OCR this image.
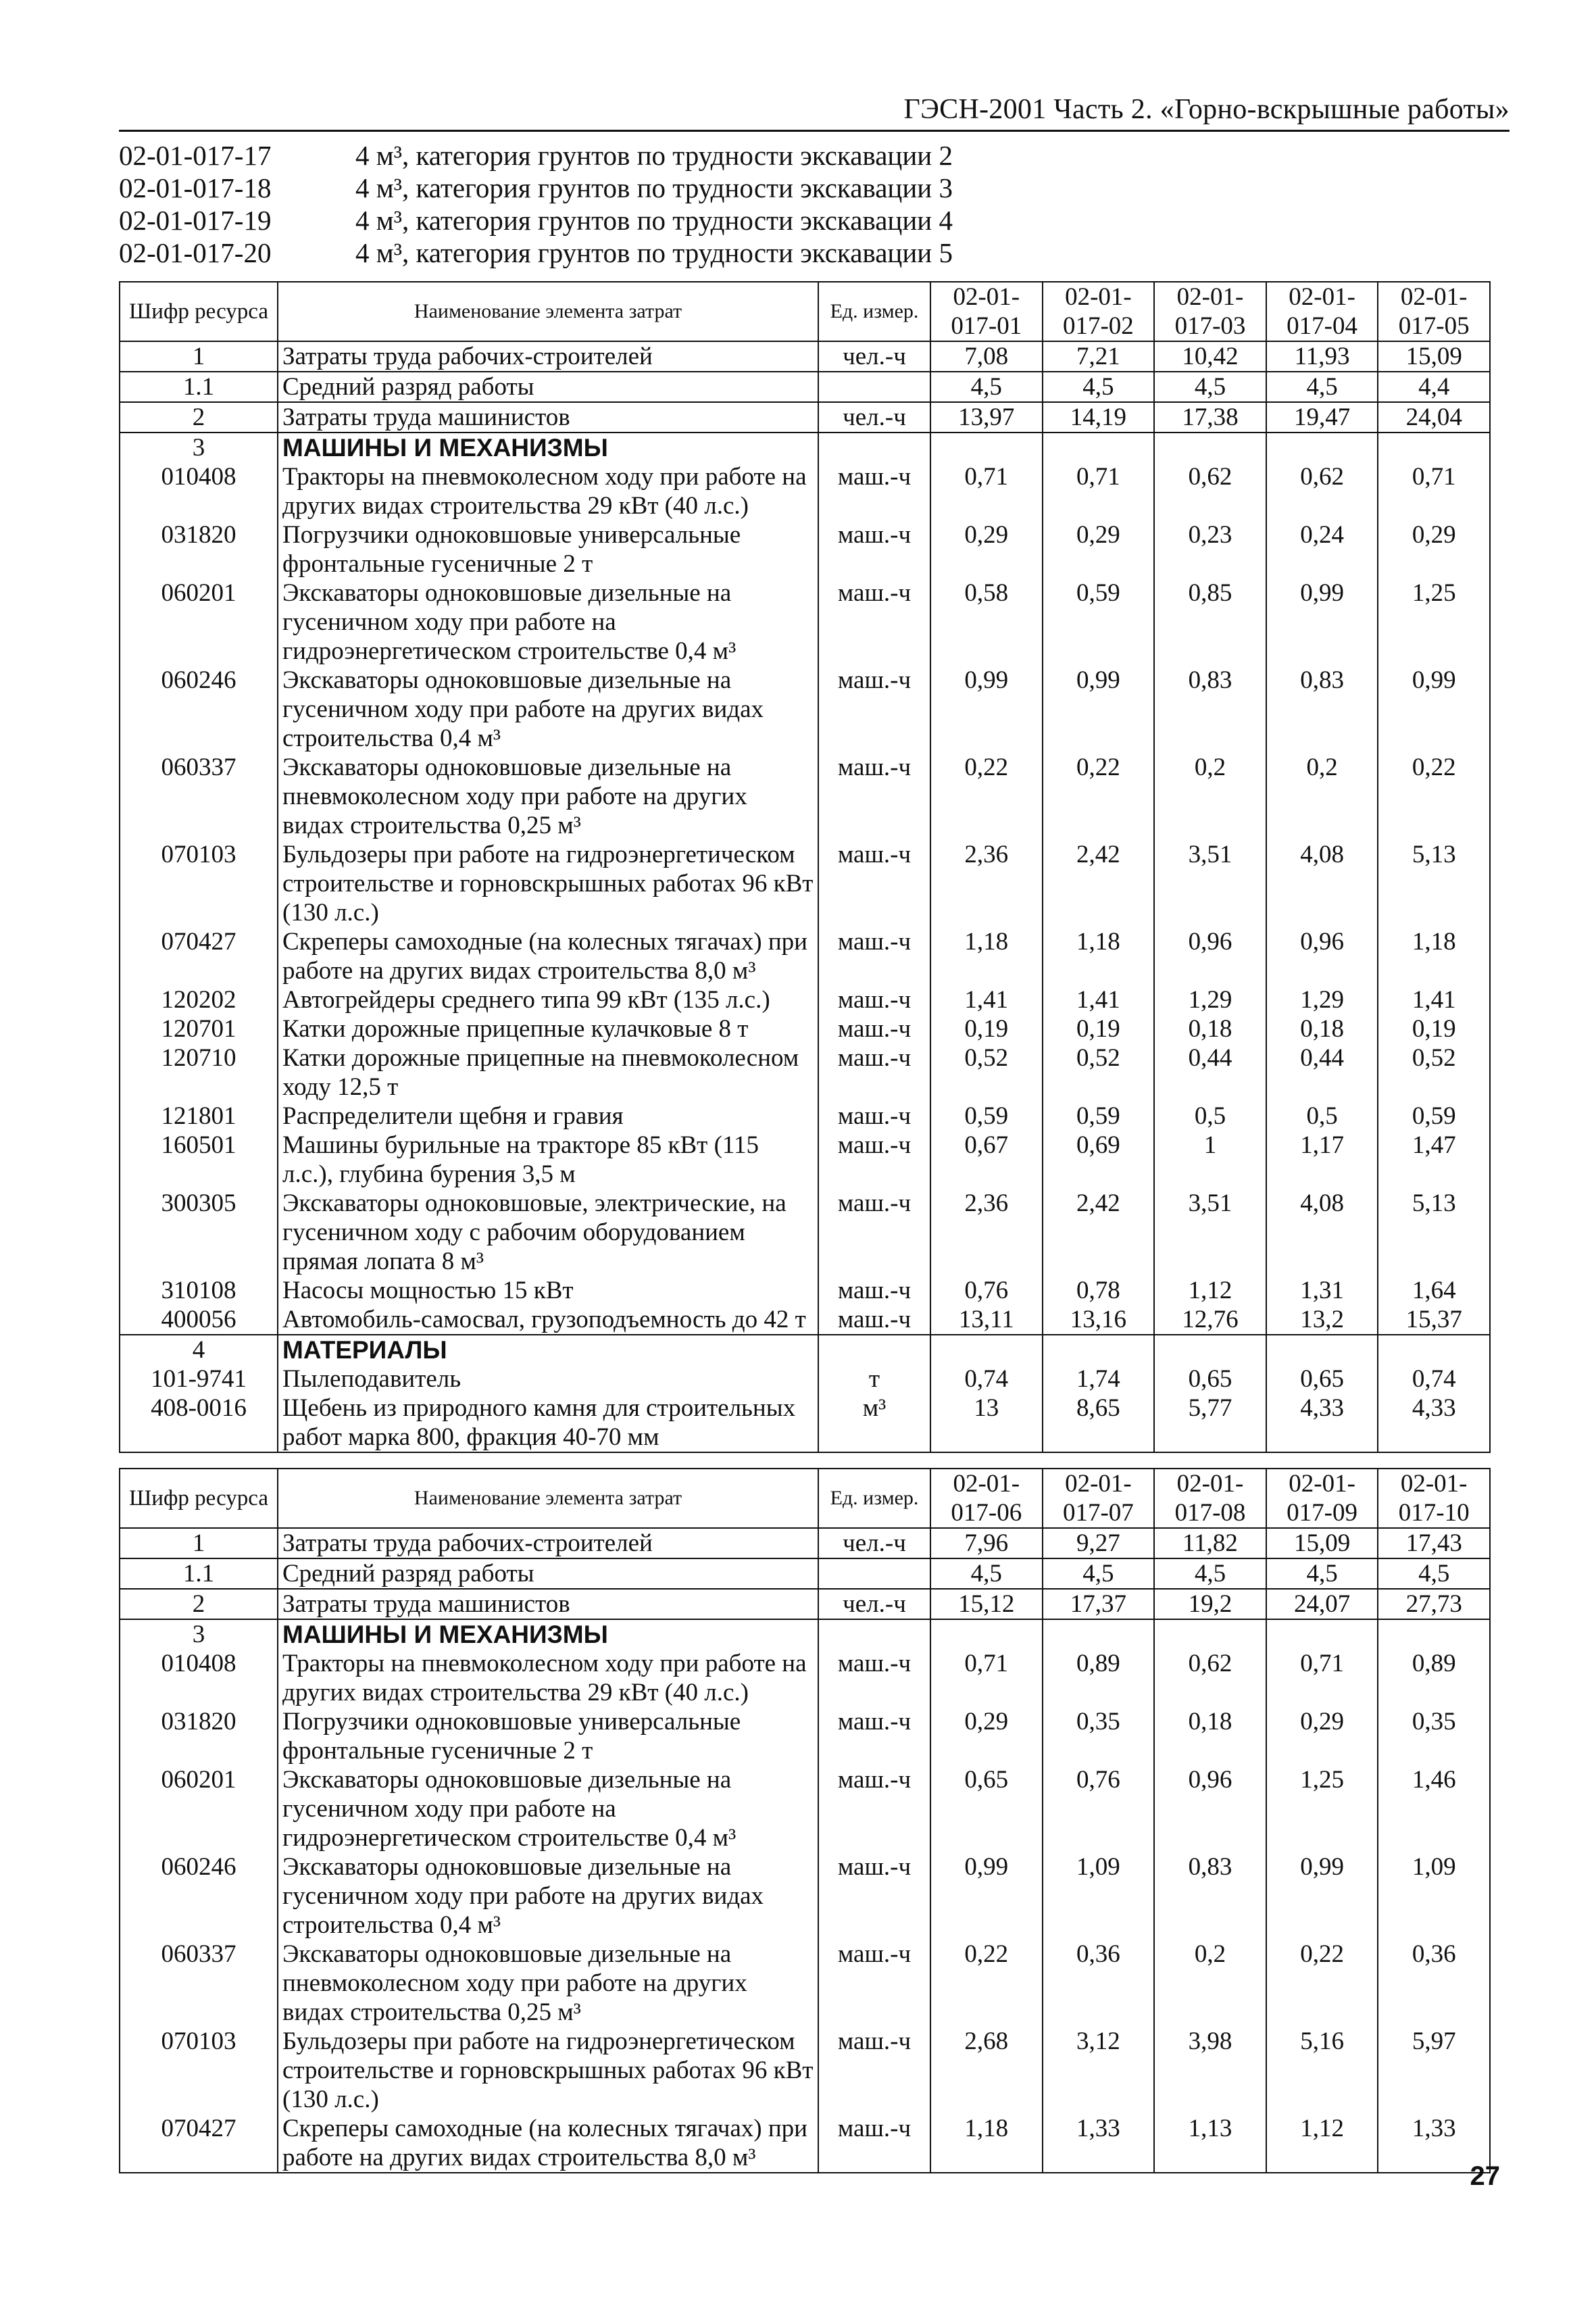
ГЭСН-2001 Часть 2. «Горно-вскрышные работы»
02-01-017-17	4 м³, категория грунтов по трудности экскавации 2
02-01-017-18	4 м³, категория грунтов по трудности экскавации 3
02-01-017-19	4 м³, категория грунтов по трудности экскавации 4
02-01-017-20	4 м³, категория грунтов по трудности экскавации 5
Шифр ресурса	Наименование элемента затрат	Ед. измер.	02-01-017-01	02-01-017-02	02-01-017-03	02-01-017-04	02-01-017-05
1	Затраты труда рабочих-строителей	чел.-ч	7,08	7,21	10,42	11,93	15,09
1.1	Средний разряд работы		4,5	4,5	4,5	4,5	4,4
2	Затраты труда машинистов	чел.-ч	13,97	14,19	17,38	19,47	24,04
3	МАШИНЫ И МЕХАНИЗМЫ						
010408	Тракторы на пневмоколесном ходу при работе на других видах строительства 29 кВт (40 л.с.)	маш.-ч	0,71	0,71	0,62	0,62	0,71
031820	Погрузчики одноковшовые универсальные фронтальные гусеничные 2 т	маш.-ч	0,29	0,29	0,23	0,24	0,29
060201	Экскаваторы одноковшовые дизельные на гусеничном ходу при работе на гидроэнергетическом строительстве 0,4 м³	маш.-ч	0,58	0,59	0,85	0,99	1,25
060246	Экскаваторы одноковшовые дизельные на гусеничном ходу при работе на других видах строительства 0,4 м³	маш.-ч	0,99	0,99	0,83	0,83	0,99
060337	Экскаваторы одноковшовые дизельные на пневмоколесном ходу при работе на других видах строительства 0,25 м³	маш.-ч	0,22	0,22	0,2	0,2	0,22
070103	Бульдозеры при работе на гидроэнергетическом строительстве и горновскрышных работах 96 кВт (130 л.с.)	маш.-ч	2,36	2,42	3,51	4,08	5,13
070427	Скреперы самоходные (на колесных тягачах) при работе на других видах строительства 8,0 м³	маш.-ч	1,18	1,18	0,96	0,96	1,18
120202	Автогрейдеры среднего типа 99 кВт (135 л.с.)	маш.-ч	1,41	1,41	1,29	1,29	1,41
120701	Катки дорожные прицепные кулачковые 8 т	маш.-ч	0,19	0,19	0,18	0,18	0,19
120710	Катки дорожные прицепные на пневмоколесном ходу 12,5 т	маш.-ч	0,52	0,52	0,44	0,44	0,52
121801	Распределители щебня и гравия	маш.-ч	0,59	0,59	0,5	0,5	0,59
160501	Машины бурильные на тракторе 85 кВт (115 л.с.), глубина бурения 3,5 м	маш.-ч	0,67	0,69	1	1,17	1,47
300305	Экскаваторы одноковшовые, электрические, на гусеничном ходу с рабочим оборудованием прямая лопата 8 м³	маш.-ч	2,36	2,42	3,51	4,08	5,13
310108	Насосы мощностью 15 кВт	маш.-ч	0,76	0,78	1,12	1,31	1,64
400056	Автомобиль-самосвал, грузоподъемность до 42 т	маш.-ч	13,11	13,16	12,76	13,2	15,37
4	МАТЕРИАЛЫ						
101-9741	Пылеподавитель	т	0,74	1,74	0,65	0,65	0,74
408-0016	Щебень из природного камня для строительных работ марка 800, фракция 40-70 мм	м³	13	8,65	5,77	4,33	4,33
Шифр ресурса	Наименование элемента затрат	Ед. измер.	02-01-017-06	02-01-017-07	02-01-017-08	02-01-017-09	02-01-017-10
1	Затраты труда рабочих-строителей	чел.-ч	7,96	9,27	11,82	15,09	17,43
1.1	Средний разряд работы		4,5	4,5	4,5	4,5	4,5
2	Затраты труда машинистов	чел.-ч	15,12	17,37	19,2	24,07	27,73
3	МАШИНЫ И МЕХАНИЗМЫ						
010408	Тракторы на пневмоколесном ходу при работе на других видах строительства 29 кВт (40 л.с.)	маш.-ч	0,71	0,89	0,62	0,71	0,89
031820	Погрузчики одноковшовые универсальные фронтальные гусеничные 2 т	маш.-ч	0,29	0,35	0,18	0,29	0,35
060201	Экскаваторы одноковшовые дизельные на гусеничном ходу при работе на гидроэнергетическом строительстве 0,4 м³	маш.-ч	0,65	0,76	0,96	1,25	1,46
060246	Экскаваторы одноковшовые дизельные на гусеничном ходу при работе на других видах строительства 0,4 м³	маш.-ч	0,99	1,09	0,83	0,99	1,09
060337	Экскаваторы одноковшовые дизельные на пневмоколесном ходу при работе на других видах строительства 0,25 м³	маш.-ч	0,22	0,36	0,2	0,22	0,36
070103	Бульдозеры при работе на гидроэнергетическом строительстве и горновскрышных работах 96 кВт (130 л.с.)	маш.-ч	2,68	3,12	3,98	5,16	5,97
070427	Скреперы самоходные (на колесных тягачах) при работе на других видах строительства 8,0 м³	маш.-ч	1,18	1,33	1,13	1,12	1,33
27
